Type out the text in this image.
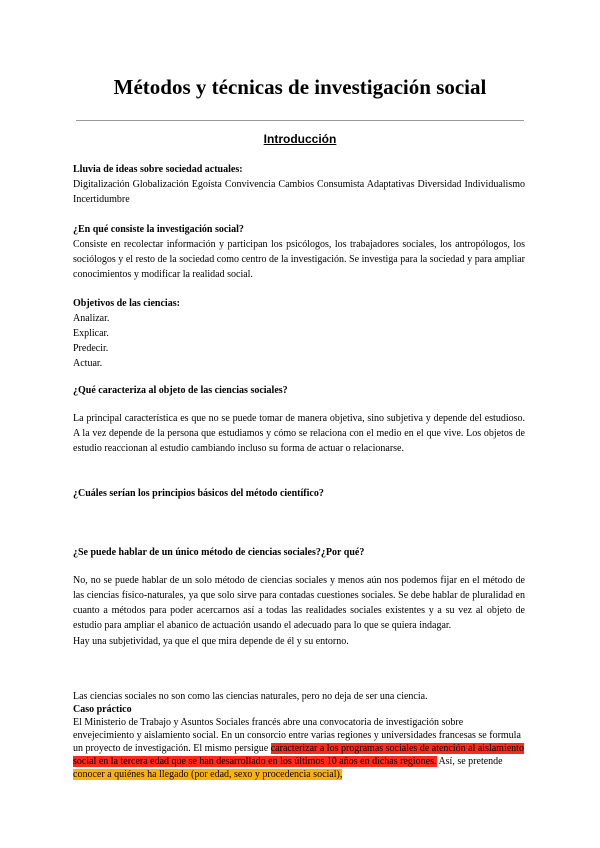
Métodos y técnicas de investigación social
Introducción
Lluvia de ideas sobre sociedad actuales:
Digitalización Globalización Egoísta Convivencia Cambios Consumista Adaptativas Diversidad Individualismo Incertidumbre
¿En qué consiste la investigación social?
Consiste en recolectar información y participan los psicólogos, los trabajadores sociales, los antropólogos, los sociólogos y el resto de la sociedad como centro de la investigación. Se investiga para la sociedad y para ampliar conocimientos y modificar la realidad social.
Objetivos de las ciencias:
Analizar.
Explicar.
Predecir.
Actuar.
¿Qué caracteriza al objeto de las ciencias sociales?
La principal característica es que no se puede tomar de manera objetiva, sino subjetiva y depende del estudioso. A la vez depende de la persona que estudiamos y cómo se relaciona con el medio en el que vive. Los objetos de estudio reaccionan al estudio cambiando incluso su forma de actuar o relacionarse.
¿Cuáles serían los principios básicos del método científico?
¿Se puede hablar de un único método de ciencias sociales?¿Por qué?
No, no se puede hablar de un solo método de ciencias sociales y menos aún nos podemos fijar en el método de las ciencias físico-naturales, ya que solo sirve para contadas cuestiones sociales. Se debe hablar de pluralidad en cuanto a métodos para poder acercarnos así a todas las realidades sociales existentes y a su vez al objeto de estudio para ampliar el abanico de actuación usando el adecuado para lo que se quiera indagar.
Hay una subjetividad, ya que el que mira depende de él y su entorno.
Las ciencias sociales no son como las ciencias naturales, pero no deja de ser una ciencia.
Caso práctico
El Ministerio de Trabajo y Asuntos Sociales francés abre una convocatoria de investigación sobre envejecimiento y aislamiento social. En un consorcio entre varias regiones y universidades francesas se formula un proyecto de investigación. El mismo persigue caracterizar a los programas sociales de atención al aislamiento social en la tercera edad que se han desarrollado en los últimos 10 años en dichas regiones. Así, se pretende conocer a quiénes ha llegado (por edad, sexo y procedencia social),
